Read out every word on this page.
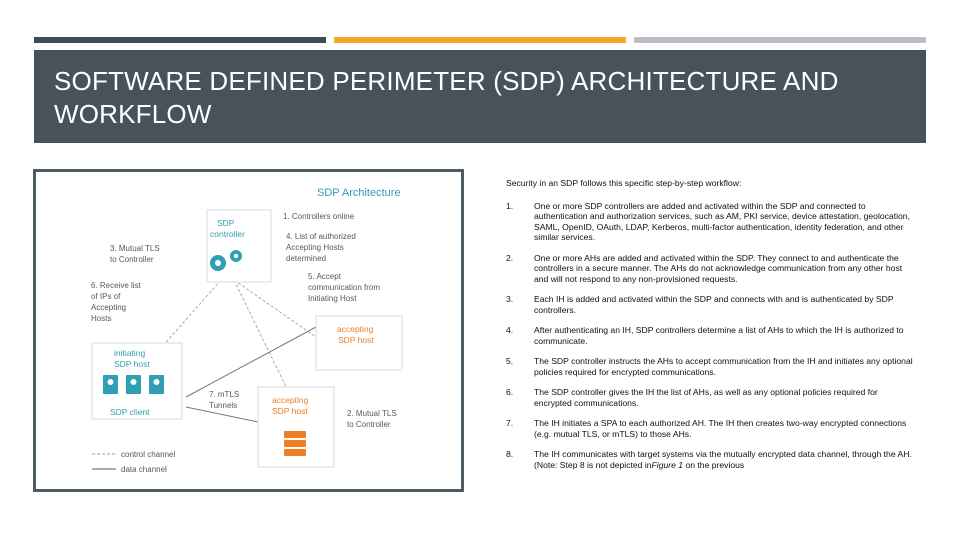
SOFTWARE DEFINED PERIMETER (SDP) ARCHITECTURE AND WORKFLOW
SDP Architecture
SDP
controller
1. Controllers online
4. List of authorized
Accepting Hosts
determined
5. Accept
communication from
Initiating Host
3. Mutual TLS
to Controller
6. Receive list
of IPs of
Accepting
Hosts
7. mTLS
Tunnels
2. Mutual TLS
to Controller
accepting
SDP host
initiating
SDP host
SDP client
accepting
SDP host
control channel
data channel

Security in an SDP follows this specific step-by-step workflow:

1.	One or more SDP controllers are added and activated within the SDP and connected to authentication and authorization services, such as AM, PKI service, device attestation, geolocation, SAML, OpenID, OAuth, LDAP, Kerberos, multi-factor authentication, identity federation, and other similar services.
2.	One or more AHs are added and activated within the SDP. They connect to and authenticate the controllers in a secure manner. The AHs do not acknowledge communication from any other host and will not respond to any non-provisioned requests.
3.	Each IH is added and activated within the SDP and connects with and is authenticated by SDP controllers.
4.	After authenticating an IH, SDP controllers determine a list of AHs to which the IH is authorized to communicate.
5.	The SDP controller instructs the AHs to accept communication from the IH and initiates any optional policies required for encrypted communications.
6.	The SDP controller gives the IH the list of AHs, as well as any optional policies required for encrypted communications.
7.	The IH initiates a SPA to each authorized AH. The IH then creates two-way encrypted connections (e.g. mutual TLS, or mTLS) to those AHs.
8.	The IH communicates with target systems via the mutually encrypted data channel, through the AH. (Note: Step 8 is not depicted inFigure 1 on the previous
